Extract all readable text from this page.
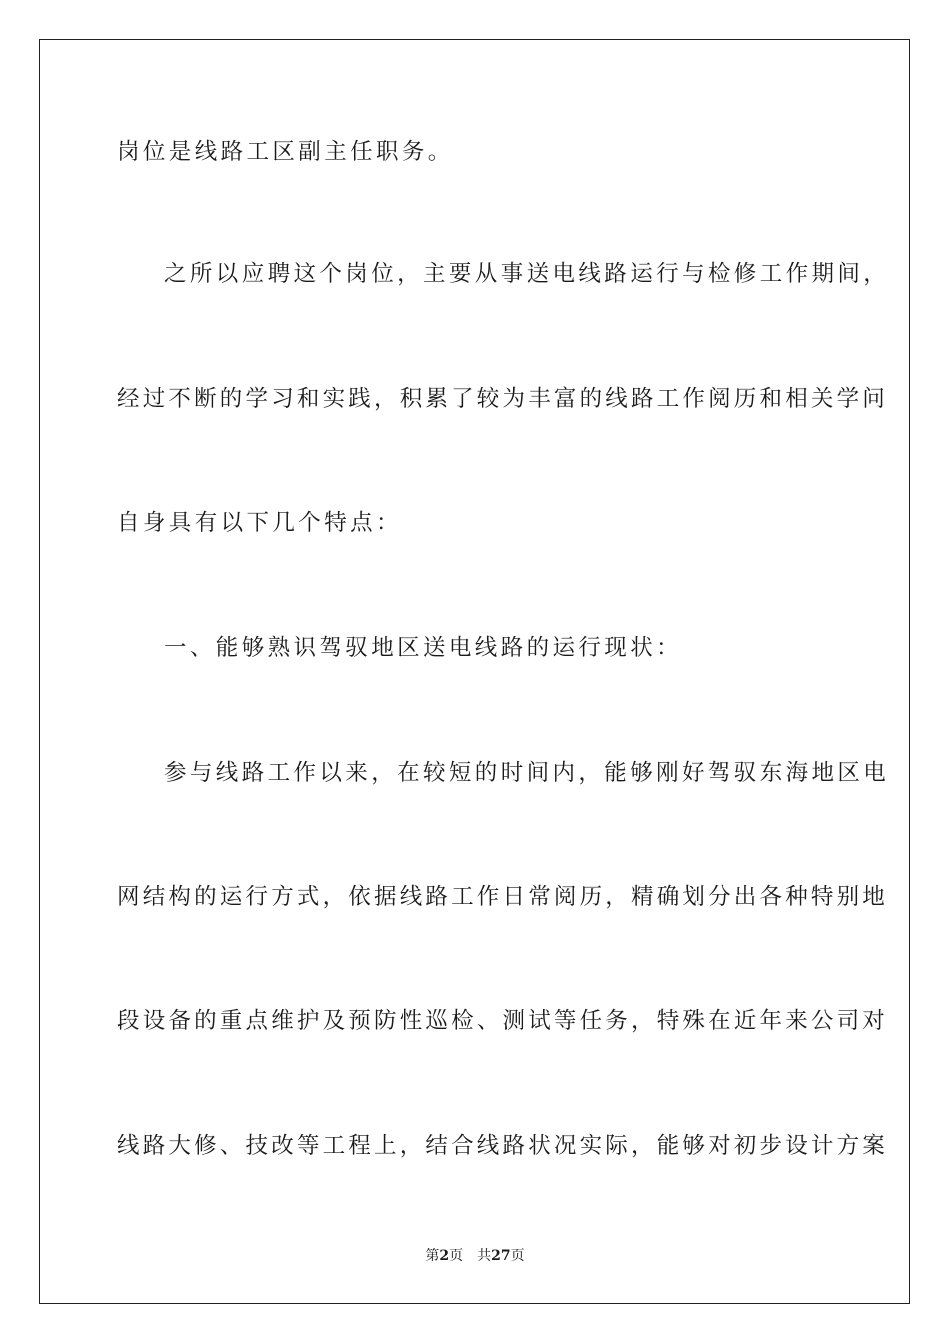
岗位是线路工区副主任职务。
之所以应聘这个岗位，主要从事送电线路运行与检修工作期间，
经过不断的学习和实践，积累了较为丰富的线路工作阅历和相关学问
自身具有以下几个特点：
一、能够熟识驾驭地区送电线路的运行现状：
参与线路工作以来，在较短的时间内，能够刚好驾驭东海地区电
网结构的运行方式，依据线路工作日常阅历，精确划分出各种特别地
段设备的重点维护及预防性巡检、测试等任务，特殊在近年来公司对
线路大修、技改等工程上，结合线路状况实际，能够对初步设计方案
第2页 共27页
